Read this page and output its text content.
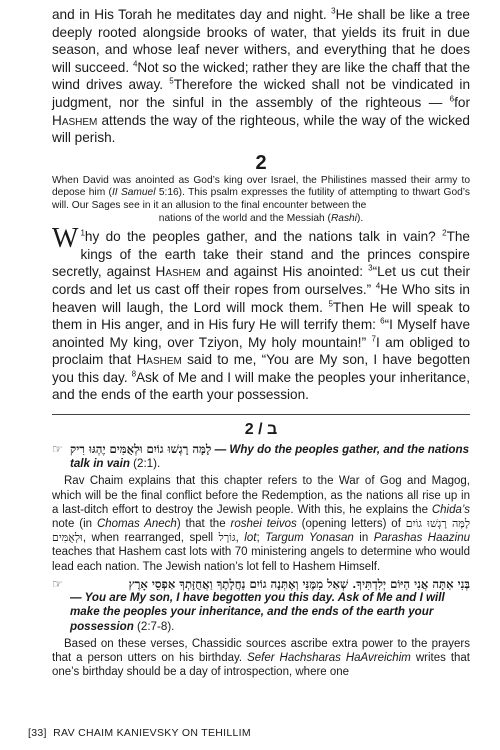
and in His Torah he meditates day and night. $^3$He shall be like a tree deeply rooted alongside brooks of water, that yields its fruit in due season, and whose leaf never withers, and everything that he does will succeed. $^4$Not so the wicked; rather they are like the chaff that the wind drives away. $^5$Therefore the wicked shall not be vindicated in judgment, nor the sinful in the assembly of the righteous — $^6$for Hashem attends the way of the righteous, while the way of the wicked will perish.

2

When David was anointed as God’s king over Israel, the Philistines massed their army to depose him (II Samuel 5:16). This psalm expresses the futility of attempting to thwart God’s will. Our Sages see in it an allusion to the final encounter between the
nations of the world and the Messiah (Rashi).

$^1$
W hy do the peoples gather, and the nations talk in vain? $^2$The kings of the earth take their stand and the princes conspire secretly, against Hashem and against His anointed: $^3$“Let us cut their cords and let us cast off their ropes from ourselves.” $^4$He Who sits in heaven will laugh, the Lord will mock them. $^5$Then He will speak to them in His anger, and in His fury He will terrify them: $^6$“I Myself have anointed My king, over Tziyon, My holy mountain!” $^7$I am obliged to proclaim that Hashem said to me, “You are My son, I have begotten you this day. $^8$Ask of Me and I will make the peoples your inheritance, and the ends of the earth your possession.

ב / 2
☞ לָמָּה רָגְשׁוּ גוֹיִם וּלְאֻמִּים יֶהְגּוּ רִיק — Why do the peoples gather, and the nations talk in vain (2:1).

Rav Chaim explains that this chapter refers to the War of Gog and Magog, which will be the final conflict before the Redemption, as the nations all rise up in a last-ditch effort to destroy the Jewish people. With this, he explains the Chida’s note (in Chomas Anech) that the roshei teivos (opening letters) of לָמָּה רָגְשׁוּ גוֹיִם וּלְאֻמִּים, when rearranged, spell גּוֹרָל, lot; Targum Yonasan in Parashas Haazinu teaches that Hashem cast lots with 70 ministering angels to determine who would lead each nation. The Jewish nation’s lot fell to Hashem Himself.

☞	בְּנִי אַתָּה אֲנִי הַיּוֹם יְלִדְתִּיךָ. שְׁאַל מִמֶּנִּי וְאֶתְּנָה גוֹיִם נַחֲלָתֶךָ וַאֲחֻזָּתְךָ אַפְסֵי אָרֶץ
— You are My son, I have begotten you this day. Ask of Me and I will make the peoples your inheritance, and the ends of the earth your possession (2:7-8).

Based on these verses, Chassidic sources ascribe extra power to the prayers that a person utters on his birthday. Sefer Hachsharas HaAvreichim writes that one’s birthday should be a day of introspection, where one

[33] RAV CHAIM KANIEVSKY ON TEHILLIM
